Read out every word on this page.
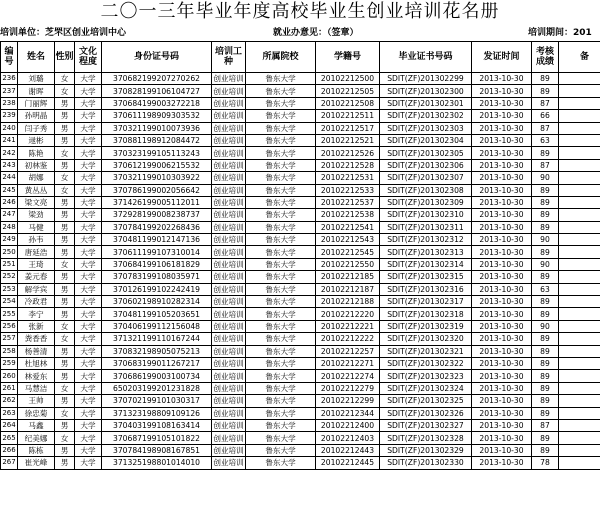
二〇一三年毕业年度高校毕业生创业培训花名册
培训单位：芝罘区创业培训中心	就业办意见：（签章）	培训期间：201
编号	姓名	性别	文化程度	身份证号码	培训工种	所属院校	学籍号	毕业证书号码	发证时间	考核成绩	备
236	刘璐	女	大学	370682199207270262	创业培训	鲁东大学	20102212500	SDIT(ZF)201302299	2013-10-30	89	
237	谢晖	女	大学	370828199106104727	创业培训	鲁东大学	20102212505	SDIT(ZF)201302300	2013-10-30	89	
238	门丽辉	男	大学	370684199003272218	创业培训	鲁东大学	20102212508	SDIT(ZF)201302301	2013-10-30	87	
239	孙明晶	男	大学	370611198909303532	创业培训	鲁东大学	20102212511	SDIT(ZF)201302302	2013-10-30	66	
240	闫子秀	男	大学	370321199010073936	创业培训	鲁东大学	20102212517	SDIT(ZF)201302303	2013-10-30	87	
241	逯彬	男	大学	370881198912084472	创业培训	鲁东大学	20102212521	SDIT(ZF)201302304	2013-10-30	63	
242	陈艳	女	大学	370323199105113243	创业培训	鲁东大学	20102212526	SDIT(ZF)201302305	2013-10-30	89	
243	初林鉴	男	大学	370612199006215532	创业培训	鲁东大学	20102212528	SDIT(ZF)201302306	2013-10-30	87	
244	胡娜	女	大学	370321199010303922	创业培训	鲁东大学	20102212531	SDIT(ZF)201302307	2013-10-30	90	
245	黄丛丛	女	大学	370786199002056642	创业培训	鲁东大学	20102212533	SDIT(ZF)201302308	2013-10-30	89	
246	梁文亮	男	大学	371426199005112011	创业培训	鲁东大学	20102212537	SDIT(ZF)201302309	2013-10-30	89	
247	梁劲	男	大学	372928199008238737	创业培训	鲁东大学	20102212538	SDIT(ZF)201302310	2013-10-30	89	
248	马健	男	大学	370784199202268436	创业培训	鲁东大学	20102212541	SDIT(ZF)201302311	2013-10-30	89	
249	孙韦	男	大学	370481199012147136	创业培训	鲁东大学	20102212543	SDIT(ZF)201302312	2013-10-30	90	
250	唐延浩	男	大学	370611199107310014	创业培训	鲁东大学	20102212545	SDIT(ZF)201302313	2013-10-30	89	
251	王琦	女	大学	370684199106181829	创业培训	鲁东大学	20102212550	SDIT(ZF)201302314	2013-10-30	90	
252	姜元春	男	大学	370783199108035971	创业培训	鲁东大学	20102212185	SDIT(ZF)201302315	2013-10-30	89	
253	解学宾	男	大学	370126199102242419	创业培训	鲁东大学	20102212187	SDIT(ZF)201302316	2013-10-30	63	
254	冷政君	男	大学	370602198910282314	创业培训	鲁东大学	20102212188	SDIT(ZF)201302317	2013-10-30	89	
255	李宁	男	大学	370481199105203651	创业培训	鲁东大学	20102212220	SDIT(ZF)201302318	2013-10-30	89	
256	张新	女	大学	370406199112156048	创业培训	鲁东大学	20102212221	SDIT(ZF)201302319	2013-10-30	90	
257	粪香香	女	大学	371321199110167244	创业培训	鲁东大学	20102212222	SDIT(ZF)201302320	2013-10-30	89	
258	杨善清	男	大学	370832198905075213	创业培训	鲁东大学	20102212257	SDIT(ZF)201302321	2013-10-30	89	
259	杜旭林	男	大学	370683199011267217	创业培训	鲁东大学	20102212271	SDIT(ZF)201302322	2013-10-30	89	
260	林爱东	男	大学	370686199003100734	创业培训	鲁东大学	20102212274	SDIT(ZF)201302323	2013-10-30	89	
261	马慧洁	女	大学	650203199201231828	创业培训	鲁东大学	20102212279	SDIT(ZF)201302324	2013-10-30	89	
262	王帅	男	大学	370702199101030317	创业培训	鲁东大学	20102212299	SDIT(ZF)201302325	2013-10-30	89	
263	徐忠菊	女	大学	371323198809109126	创业培训	鲁东大学	20102212344	SDIT(ZF)201302326	2013-10-30	89	
264	马鑫	男	大学	370403199108163414	创业培训	鲁东大学	20102212400	SDIT(ZF)201302327	2013-10-30	87	
265	纪美娜	女	大学	370687199105101822	创业培训	鲁东大学	20102212403	SDIT(ZF)201302328	2013-10-30	89	
266	陈栋	男	大学	370784198908167851	创业培训	鲁东大学	20102212443	SDIT(ZF)201302329	2013-10-30	89	
267	崔光峰	男	大学	371325198801014010	创业培训	鲁东大学	20102212445	SDIT(ZF)201302330	2013-10-30	78	
